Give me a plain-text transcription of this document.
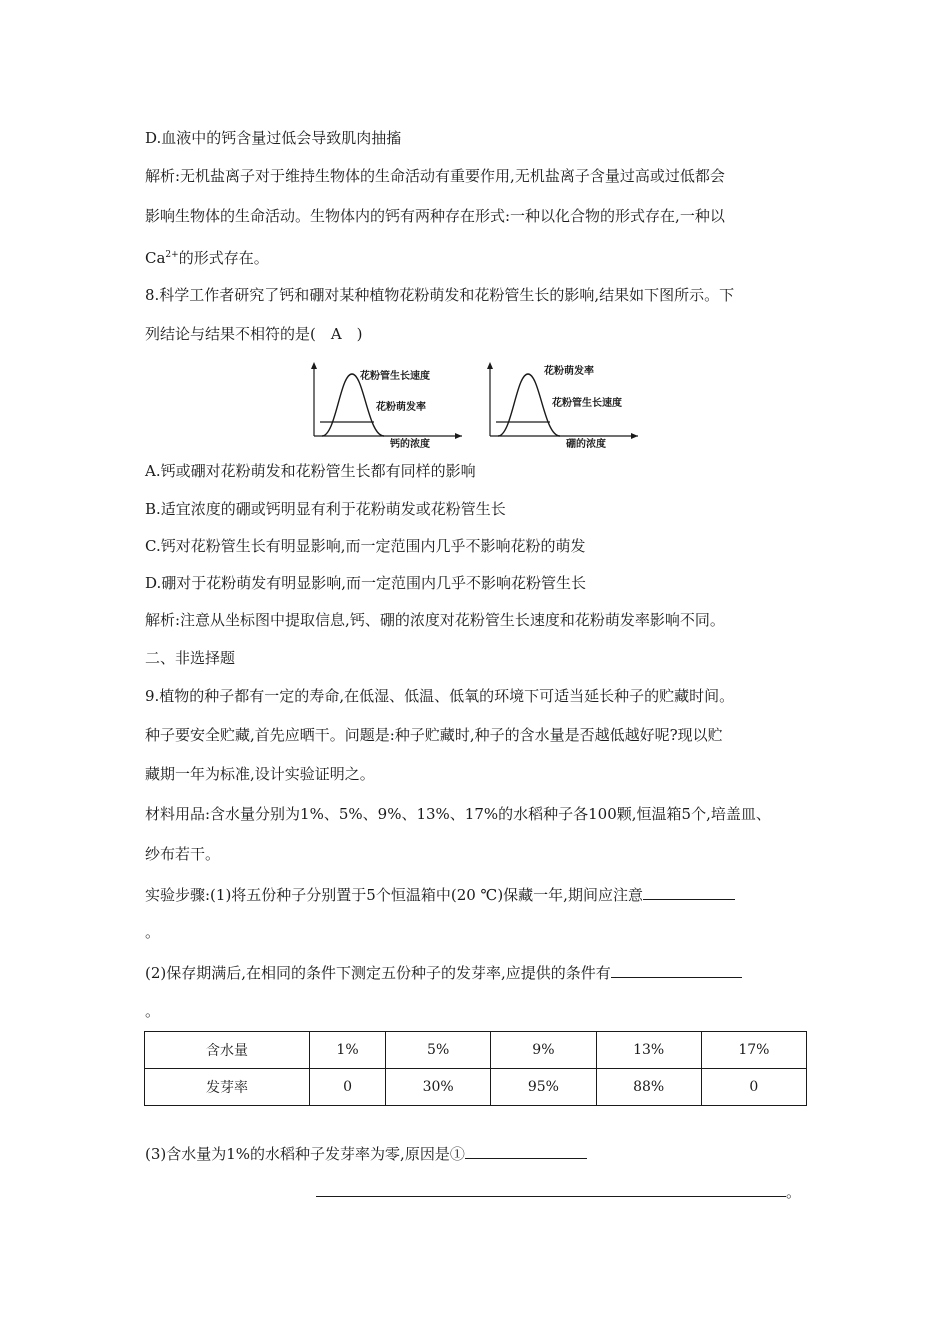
D.血液中的钙含量过低会导致肌肉抽搐
解析:无机盐离子对于维持生物体的生命活动有重要作用,无机盐离子含量过高或过低都会
影响生物体的生命活动。生物体内的钙有两种存在形式:一种以化合物的形式存在,一种以
$Ca^{2+}$的形式存在。
8.科学工作者研究了钙和硼对某种植物花粉萌发和花粉管生长的影响,结果如下图所示。下
列结论与结果不相符的是(　A　)
花粉管生长速度
花粉萌发率
钙的浓度
花粉萌发率
花粉管生长速度
硼的浓度
A.钙或硼对花粉萌发和花粉管生长都有同样的影响
B.适宜浓度的硼或钙明显有利于花粉萌发或花粉管生长
C.钙对花粉管生长有明显影响,而一定范围内几乎不影响花粉的萌发
D.硼对于花粉萌发有明显影响,而一定范围内几乎不影响花粉管生长
解析:注意从坐标图中提取信息,钙、硼的浓度对花粉管生长速度和花粉萌发率影响不同。
二、非选择题
9.植物的种子都有一定的寿命,在低湿、低温、低氧的环境下可适当延长种子的贮藏时间。
种子要安全贮藏,首先应晒干。问题是:种子贮藏时,种子的含水量是否越低越好呢?现以贮
藏期一年为标准,设计实验证明之。
材料用品:含水量分别为1%、5%、9%、13%、17%的水稻种子各100颗,恒温箱5个,培盖皿、
纱布若干。
实验步骤:(1)将五份种子分别置于5个恒温箱中(20 ℃)保藏一年,期间应注意
。
(2)保存期满后,在相同的条件下测定五份种子的发芽率,应提供的条件有
。
含水量	1%	5%	9%	13%	17%
发芽率	0	30%	95%	88%	0
(3)含水量为1%的水稻种子发芽率为零,原因是①
。
